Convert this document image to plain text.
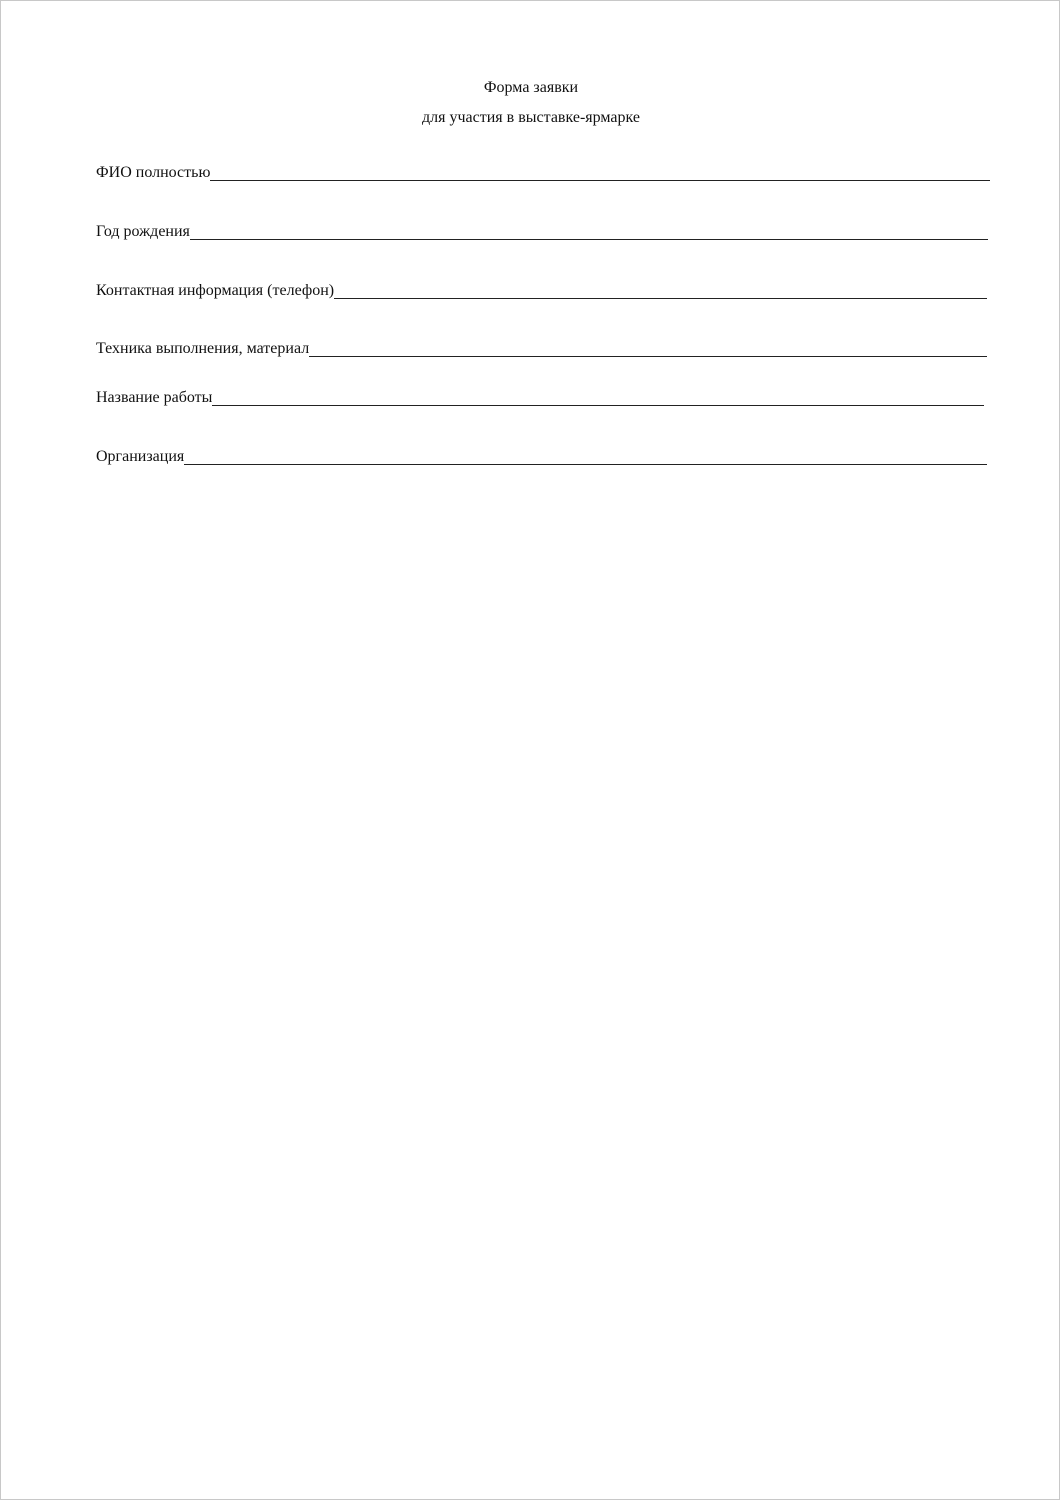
Форма заявки
для участия в выставке-ярмарке
ФИО полностью
Год рождения
Контактная информация (телефон)
Техника выполнения, материал
Название работы
Организация
